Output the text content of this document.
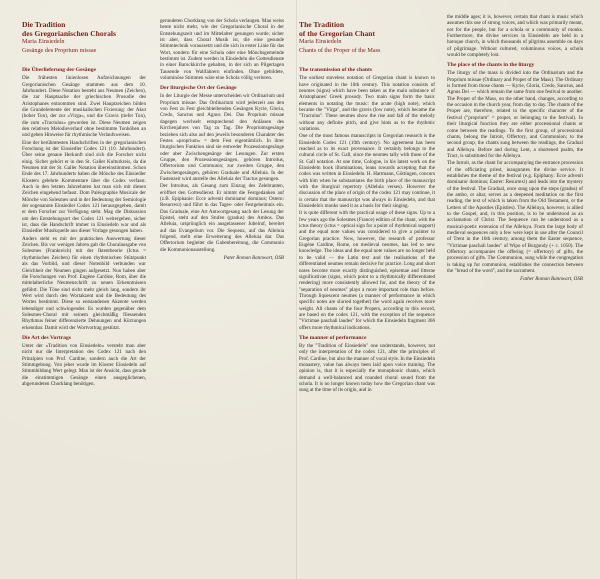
Die Tradition
des Gregorianischen Chorals
Maria Einsiedeln
Gesänge des Proprium missae
Die Überlieferung der Gesänge

Die frühesten linienlosen Aufzeichnungen der Gregorianischen Gesänge stammen aus dem 10. Jahrhundert. Diese Notation besteht aus Neumen (Zeichen), die zur Hauptsache der griechischen Prosodie des Aristophanes entnommen sind. Zwei Hauptzeichen bilden die Grundelemente der musikalischen Fixierung: der Akut (hoher Ton), der zur »Virga«, und die Gravis (tiefer Ton), die zum »Tractulus« geworden ist. Diese Neumen zeigen den relativen Melodieverlauf ohne bestimmte Tonhöhen an und geben Hinweise für rhythmische Verlaufsweisen.

Eine der berühmtesten Handschriften in der gregorianischen Forschung ist der Einsiedler Codex 121 (10. Jahrhundert). Über seine genaue Herkunft sind sich die Forscher nicht einig. Sicher gehört er in den St. Galler Kulturkreis, da die Neumen mit der St. Galler Notation übereinstimmen. Schon Ende des 17. Jahrhunderts haben die Mönche des Einsiedler Klosters gelehrte Kommentare über die Codex verfasst. Auch in den letzten Jahrzehnten hat man sich mit diesen Zeichen eingehend befasst. Dom Paléographie Musicale der Mönche von Solesmes und in der Bedeutung der Semiologie der sogenannte Einsiedler Codex 121 herausgegeben, damit er dem Forscher zur Verfügung steht. Mag die Diskussion um den Entstehungsort des Codex 121 weitergehen, sicher ist, dass die Handschrift immer in Einsiedeln war und als Einsiedler Musikquelle aus dieser Vorlage gesungen haben.

Anders steht es mit der praktischen Auswertung dieser Zeichen. Bis vor wenigen Jahren galt die Choralausgabe von Solesmes (Frankreich) mit der Iktentheorie (Ictus = rhythmisches Zeichen) für einen rhythmischen Stützpunkt als das Vorbild, und dieser Notenbild verbunden war Gleichheit der Neumen gingen aufgesetzt. Nun haben aber die Forschungen von Prof. Eugène Cardine, Rom, über die mittelalterliche Neumenschrift zu neuen Erkenntnissen geführt. Die Töne sind nicht mehr gleich lang, sondern ihr Wert wird durch den Wortakzent und die Bedeutung des Wortes bestimmt. Diese so entstandenen Akzente werden lebendiger und schwingender. Es wurden gegenüber dem Solesmes-Choral mit seinem gleichmäßig fliessenden Rhythmus feiner differenzierte Dehnungen und Kürzungen erkennbar. Damit wird der Wortvortrag gestützt.

Die Art des Vortrags

Unter der »Tradition von Einsiedeln« versteht man aber nicht nur die Interpretation des Codex 121 nach den Prinzipien von Prof. Cardine, sondern auch die Art der Stimmgebung. Von jeher wurde im Kloster Einsiedeln auf Stimmbildung Wert gelegt. Man ist der Ansicht, dass gerade die einstimmigen Gesänge einen ausgeglichenen, abgerundeten Chorklang benötigen.

gerundeten Chorklang von der Schola verlangen. Man weiss heute nicht mehr, wie der Gregorianische Choral in der Entstehungszeit und im Mittelalter gesungen wurde; sicher ist aber, dass Choral Musik ist, die eine gesunde Stimmtechnik voraussetzt und die sich in erster Linie für das Wort, sondern für eine Schola oder eine Mönchsgemeinde bestimmt ist. Zudem werden in Einsiedeln die Gottesdienste in einer Barockkirche gehalten, in der sich an Pilgertagen Tausende von Wallfahrern einfinden. Ohne gebildete, voluminöse Stimmen wäre eine Schola völlig verloren.

Der liturgische Ort der Gesänge

In der Liturgie der Messe unterscheiden wir Ordinarium und Proprium missae. Das Ordinarium wird jederzeit aus den von Fest zu Fest gleichbleibenden Gesängen Kyrie, Gloria, Credo, Sanctus und Agnus Dei. Das Proprium missae dagegen wechselt entsprechend den Anlässen des Kirchenjahres von Tag zu Tag. Die Propriumsgesänge beziehen sich also auf den jeweils besonderen Charakter des Festes »proprium« = dem Fest eigentümlich. In ihrer liturgischen Funktion sind sie entweder Prozessionsgesänge oder aber Zwischengesänge der Lesungen. Zur ersten Gruppe, den Prozessionsgesängen, gehören Introitus, Offertorium und Communio; zur zweiten Gruppe, den Zwischengesängen, gehören Graduale und Alleluia. In der Fastenzeit wird anstelle des Alleluia der Tractus gesungen.

Der Introitus, als Gesang zum Einzug des Zelebranten, eröffnet den Gottesdienst. Er nimmt die Festgedanken auf (z.B. Epiphanie: Ecce advenit dominator dominus; Ostern: Resurrexi) und führt in das Tages- oder Festgeheimnis ein. Das Graduale, eine Art Antwortgesang nach der Lesung der Epistel, steht auf den Stufen (gradus) des Ambos. Das Alleluia, ursprünglich ein ausgelassener Jubelruf, bereitet auf das Evangelium vor. Die Sequenz, auf das Alleluia folgend, stellt eine Erweiterung des Alleluia dar. Das Offertorium begleitet die Gabenbereitung, die Communio die Kommunionausteilung.

Pater Roman Bannwart, OSB
The Tradition
of the Gregorian Chant
Maria Einsiedeln
Chants of the Proper of the Mass
The transmission of the chants

The earliest staveless notation of Gregorian chant is known to have originated in the 10th century. This notation consists of neumes (signs) which have been taken as the main substance of Aristophanes' Greek prosody. Two main signs form the basic elements in notating the music: the acute (high note), which became the "Virga", and the gravis (low note), which became the "Tractulus". These neumes show the rise and fall of the melody without any definite pitch, and give hints as to the rhythmic variations.

One of the most famous manuscripts in Gregorian research is the Einsiedeln Codex 121 (10th century). No agreement has been reached as to its exact provenance. It certainly belongs to the cultural circle of St. Gall, since the neumes tally with those of the St. Gall notation. At one time, Cologne, in his latest work on the Einsiedeln book illuminations, leans towards accepting that the codex was written in Einsiedeln. H. Hartmann, Göttingen, concurs with him when he substantiates the birth place of the manuscript with the liturgical repertory (Alleluia verses). However the discussion of the place of origin of the codex 121 may continue, it is certain that the manuscript was always in Einsiedeln, and that Einsiedeln's monks used it as a basis for their singing.

It is quite different with the practical usage of these signs. Up to a few years ago the Solesmes (France) edition of the chant, with the ictus theory (ictus = optical sign for a point of rhythmical support) and the equal note values was considered to give a pointer to Gregorian practice. Now, however, the research of professor Eugène Cardine, Rome, on medieval neumes, has led to new knowledge. The ideas and the equal note values are no longer held to be valid — the Latin text and the realisations of the differentiated neumes remain decisive for practice. Long and short notes become more exactly distinguished, episemae and litterae significativae (signs, which point to a rhythmically differentiated rendering) more consistently allowed for, and the theory of the "separation of neumes" plays a more important role than before. Through liquescent neumes (a manner of performance in which specific notes are slurred together) the word again receives more weight. All chants of the four Propers, according to this record, are based on the codex 121, with the exception of the sequence "Victimae paschali laudes" for which the Einsiedeln fragment 366 offers more rhythmical indications.

The manner of performance

By the "Tradition of Einsiedeln" one understands, however, not only the interpretation of the codex 121, after the principles of Prof. Cardine, but also the manner of vocal style. In the Einsiedeln monastery, value has always been laid upon voice training. The opinion is, that it is especially the monophonic chants, which demand a well-balanced and rounded choral sound from the schola. It is no longer known today how the Gregorian chant was sung at the time of its origin, and in

the middle ages; it is, however, certain that chant is music which assumes this use of strong voices, and which was primarily meant, not for the people, but for a schola or a community of monks. Furthermore, the divine services in Einsiedeln are held in a baroque church, in which thousands of pilgrims assemble on days of pilgrimage. Without cultured, voluminous voices, a schola would be completely lost.

The place of the chants in the liturgy

The liturgy of the mass is divided into the Ordinarium and the Proprium missae (Ordinary and Proper of the Mass). The Ordinary is formed from those chants — Kyrie, Gloria, Credo, Sanctus, and Agnus Dei — which remain the same from one festival to another. The Proper of the Mass, on the other hand, changes, according to the occasion in the church year, from day to day. The chants of the Proper are, therefore, related to the specific character of the festival ("proprium" = proper, or belonging to the festival). In their liturgical function they are either processional chants or come between the readings. To the first group, of processional chants, belong the Introit, Offertory, and Communion; to the second group, the chants sung between the readings, the Gradual and Alleluya. Before and during Lent, a shortened psalm, the Tract, is substituted for the Alleluya.

The Introit, as the chant for accompanying the entrance procession of the officiating priest, inaugurates the divine service. It establishes the theme of the festival (e.g. Epiphany: Ecce advenit dominator dominus; Easter: Resurrexi) and leads into the mystery of the festival. The Gradual, once sung upon the steps (gradus) of the ambo, or altar, serves as a deepened meditation on the first reading, the text of which is taken from the Old Testament, or the Letters of the Apostles (Epistles). The Alleluya, however, is allied to the Gospel, and, in this position, is to be understood as an acclamation of Christ. The Sequence can be understood as a musical-poetic extension of the Alleluya. From the large body of medieval sequences only a few were kept in use after the Council of Trent in the 16th century, among them the Easter sequence, "Victimae paschali laudes" of Wipo of Burgundy (+ c. 1050). The Offertory accompanies the offering (= offertory) of gifts, the procession of gifts. The Communion, sung while the congregation is taking up for communion, establishes the connection between the "bread of the word", and the sacrament.

Father Roman Bannwart, OSB
